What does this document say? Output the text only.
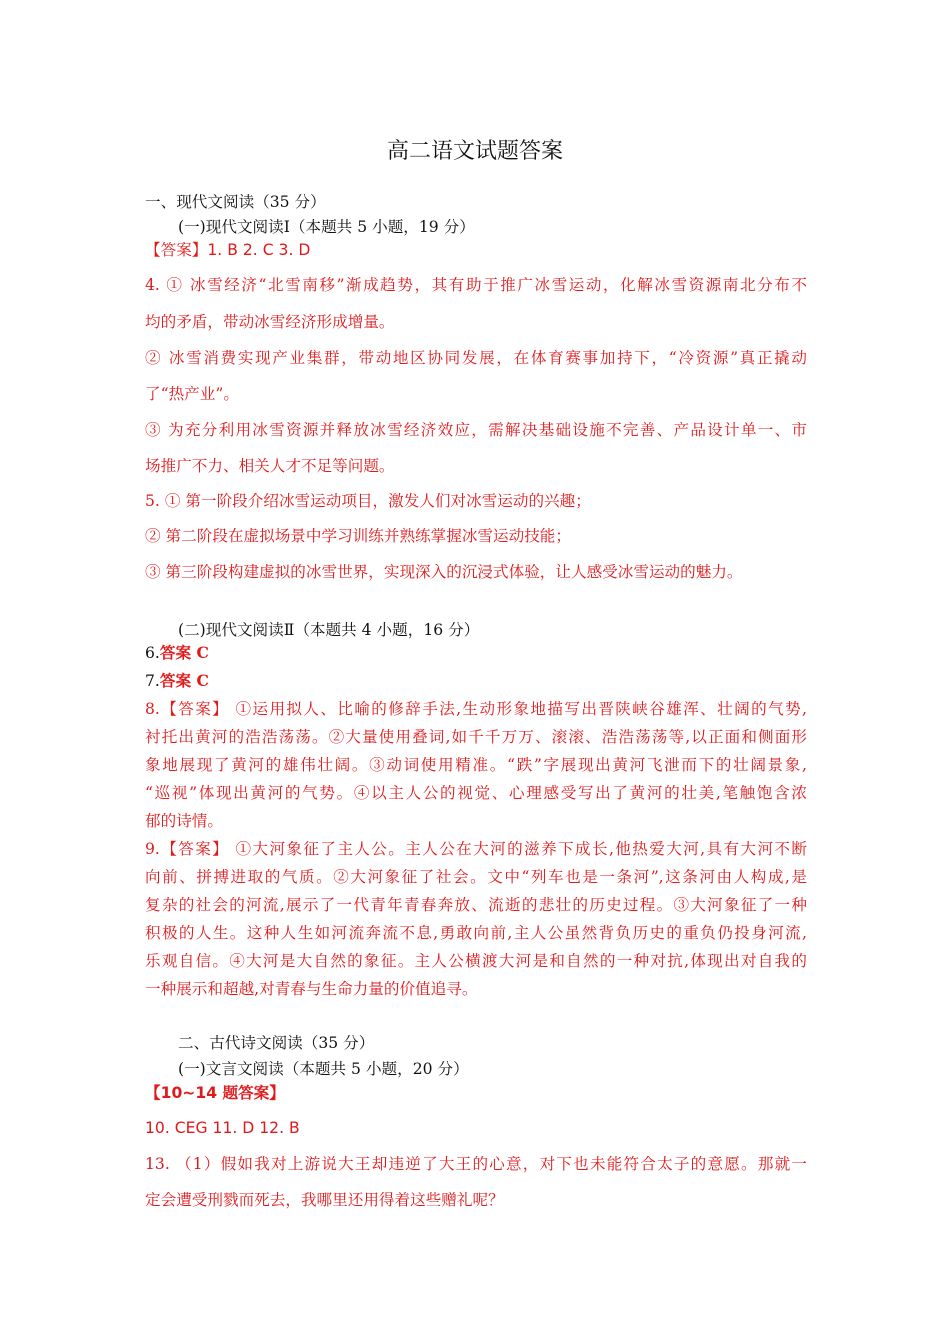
高二语文试题答案
一、现代文阅读（35 分）
(一)现代文阅读Ⅰ（本题共 5 小题，19 分）
【答案】1. B 2. C 3. D
4. ① 冰雪经济“北雪南移”渐成趋势，其有助于推广冰雪运动，化解冰雪资源南北分布不
均的矛盾，带动冰雪经济形成增量。
② 冰雪消费实现产业集群，带动地区协同发展，在体育赛事加持下，“冷资源”真正撬动
了“热产业”。
③ 为充分利用冰雪资源并释放冰雪经济效应，需解决基础设施不完善、产品设计单一、市
场推广不力、相关人才不足等问题。
5. ① 第一阶段介绍冰雪运动项目，激发人们对冰雪运动的兴趣；
② 第二阶段在虚拟场景中学习训练并熟练掌握冰雪运动技能；
③ 第三阶段构建虚拟的冰雪世界，实现深入的沉浸式体验，让人感受冰雪运动的魅力。
(二)现代文阅读Ⅱ（本题共 4 小题，16 分）
6.答案 C
7.答案 C
8.【答案】 ①运用拟人、比喻的修辞手法,生动形象地描写出晋陕峡谷雄浑、壮阔的气势,
衬托出黄河的浩浩荡荡。②大量使用叠词,如千千万万、滚滚、浩浩荡荡等,以正面和侧面形
象地展现了黄河的雄伟壮阔。③动词使用精准。“跌”字展现出黄河飞泄而下的壮阔景象,
“巡视”体现出黄河的气势。④以主人公的视觉、心理感受写出了黄河的壮美,笔触饱含浓
郁的诗情。
9.【答案】 ①大河象征了主人公。主人公在大河的滋养下成长,他热爱大河,具有大河不断
向前、拼搏进取的气质。②大河象征了社会。文中“列车也是一条河”,这条河由人构成,是
复杂的社会的河流,展示了一代青年青春奔放、流逝的悲壮的历史过程。③大河象征了一种
积极的人生。这种人生如河流奔流不息,勇敢向前,主人公虽然背负历史的重负仍投身河流,
乐观自信。④大河是大自然的象征。主人公横渡大河是和自然的一种对抗,体现出对自我的
一种展示和超越,对青春与生命力量的价值追寻。
二、古代诗文阅读（35 分）
(一)文言文阅读（本题共 5 小题，20 分）
【10~14 题答案】
10. CEG 11. D 12. B
13. （1）假如我对上游说大王却违逆了大王的心意，对下也未能符合太子的意愿。那就一
定会遭受刑戮而死去，我哪里还用得着这些赠礼呢？
